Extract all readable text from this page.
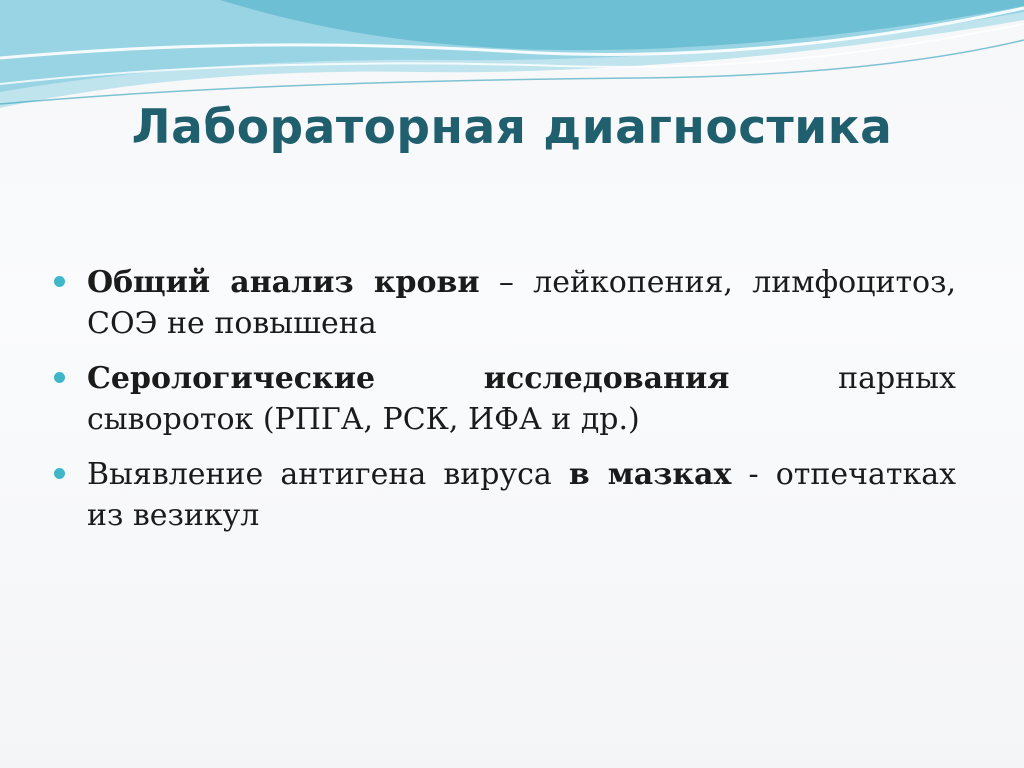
Лабораторная диагностика
Общий анализ крови – лейкопения, лимфоцитоз, СОЭ не повышена
Серологические	исследования	парных
сывороток (РПГА, РСК, ИФА и др.)
Выявление антигена вируса в мазках - отпечатках из везикул
